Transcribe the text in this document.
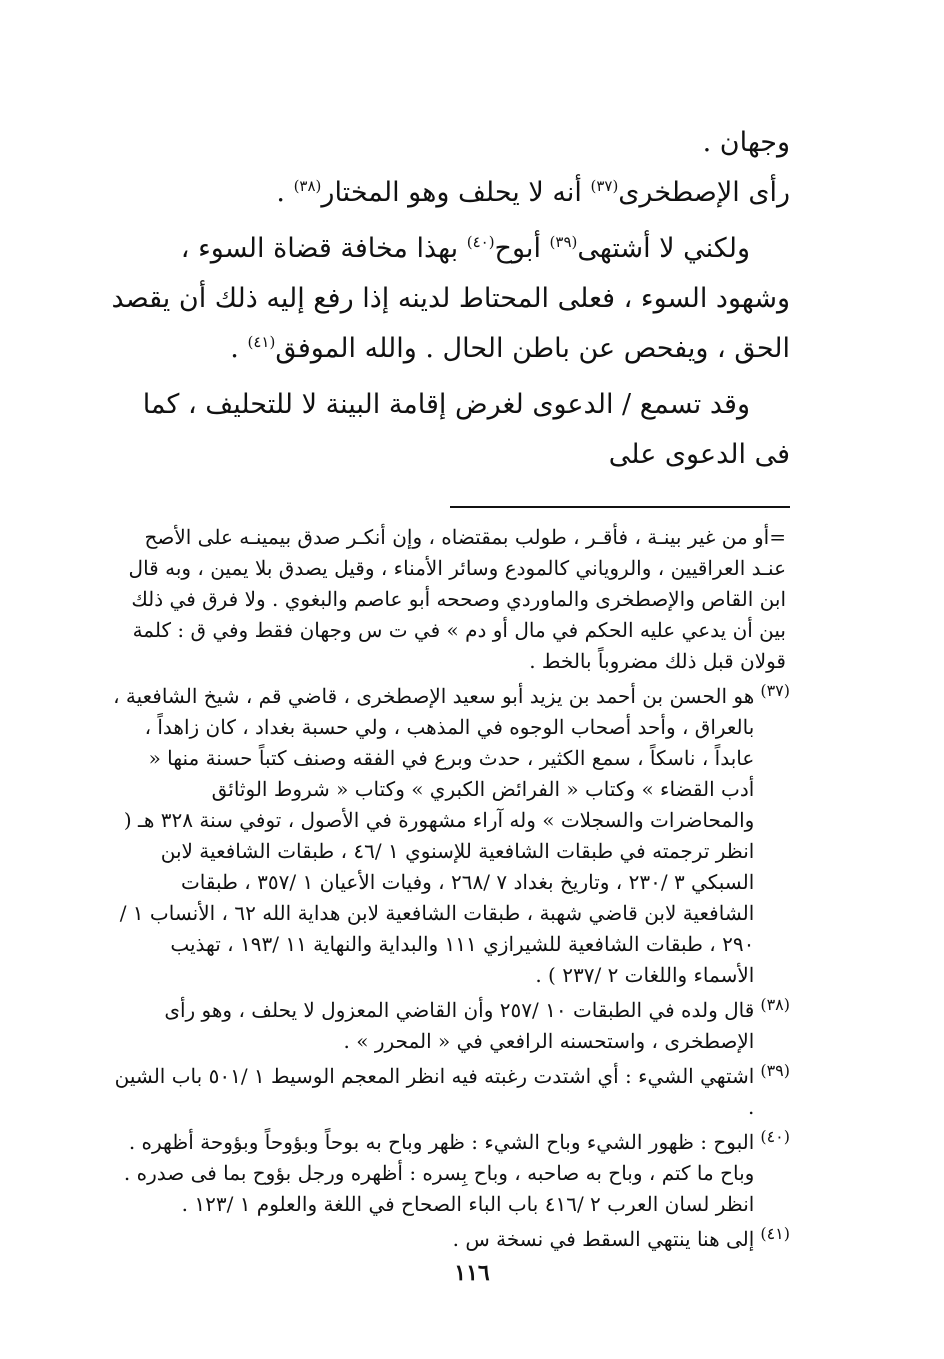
وجهان .

رأى الإصطخرى$^{(٣٧)}$ أنه لا يحلف وهو المختار$^{(٣٨)}$ .

ولكني لا أشتهى$^{(٣٩)}$ أبوح$^{(٤٠)}$ بهذا مخافة قضاة السوء ، وشهود السوء ، فعلى المحتاط لدينه إذا رفع إليه ذلك أن يقصد الحق ، ويفحص عن باطن الحال . والله الموفق$^{(٤١)}$ .

وقد تسمع / الدعوى لغرض إقامة البينة لا للتحليف ، كما فى الدعوى على

=أو من غير بينـة ، فأقـر ، طولب بمقتضاه ، وإن أنكـر صدق بيمينـه على الأصح عنـد العراقيين ، والروياني كالمودع وسائر الأمناء ، وقيل يصدق بلا يمين ، وبه قال ابن القاص والإصطخرى والماوردي وصححه أبو عاصم والبغوي . ولا فرق في ذلك بين أن يدعي عليه الحكم في مال أو دم » في ت س وجهان فقط وفي ق : كلمة قولان قبل ذلك مضروباً بالخط .

(٣٧)

هو الحسن بن أحمد بن يزيد أبو سعيد الإصطخرى ، قاضي قم ، شيخ الشافعية ، بالعراق ، وأحد أصحاب الوجوه في المذهب ، ولي حسبة بغداد ، كان زاهداً ، عابداً ، ناسكاً ، سمع الكثير ، حدث وبرع في الفقه وصنف كتباً حسنة منها « أدب القضاء » وكتاب « الفرائض الكبري » وكتاب « شروط الوثائق والمحاضرات والسجلات » وله آراء مشهورة في الأصول ، توفي سنة ٣٢٨ هـ ( انظر ترجمته في طبقات الشافعية للإسنوي ١ /٤٦ ، طبقات الشافعية لابن السبكي ٣ /٢٣٠ ، وتاريخ بغداد ٧ /٢٦٨ ، وفيات الأعيان ١ /٣٥٧ ، طبقات الشافعية لابن قاضي شهبة ، طبقات الشافعية لابن هداية الله ٦٢ ، الأنساب ١ /٢٩٠ ، طبقات الشافعية للشيرازي ١١١ والبداية والنهاية ١١ /١٩٣ ، تهذيب الأسماء واللغات ٢ /٢٣٧ ) .

(٣٨)

قال ولده في الطبقات ١٠ /٢٥٧ وأن القاضي المعزول لا يحلف ، وهو رأى الإصطخرى ، واستحسنه الرافعي في « المحرر » .

(٣٩)

اشتهي الشيء : أي اشتدت رغبته فيه انظر المعجم الوسيط ١ /٥٠١ باب الشين .

(٤٠)

البوح : ظهور الشيء وباح الشيء : ظهر وباح به بوحاً وبؤوحاً وبؤوحة أظهره . وباح ما كتم ، وباح به صاحبه ، وباح بِسره : أظهره ورجل بؤوح بما فى صدره . انظر لسان العرب ٢ /٤١٦ باب الباء الصحاح في اللغة والعلوم ١ /١٢٣ .

(٤١)

إلى هنا ينتهي السقط في نسخة س .

١١٦
